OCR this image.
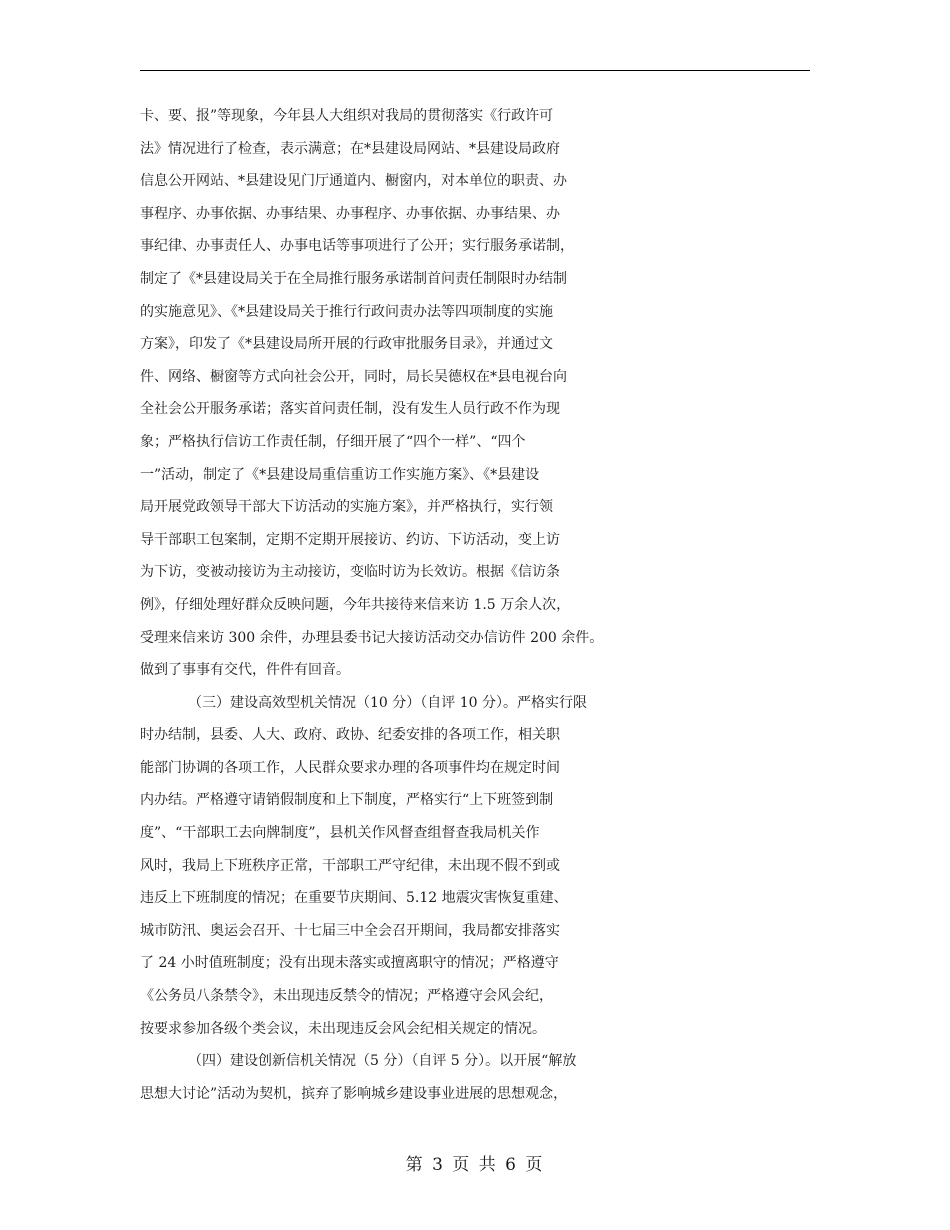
卡、要、报”等现象，今年县人大组织对我局的贯彻落实《行政许可
法》情况进行了检查，表示满意；在*县建设局网站、*县建设局政府
信息公开网站、*县建设见门厅通道内、橱窗内，对本单位的职责、办
事程序、办事依据、办事结果、办事程序、办事依据、办事结果、办
事纪律、办事责任人、办事电话等事项进行了公开；实行服务承诺制，
制定了《*县建设局关于在全局推行服务承诺制首问责任制限时办结制
的实施意见》、《*县建设局关于推行行政问责办法等四项制度的实施
方案》，印发了《*县建设局所开展的行政审批服务目录》，并通过文
件、网络、橱窗等方式向社会公开，同时，局长吴德权在*县电视台向
全社会公开服务承诺；落实首问责任制，没有发生人员行政不作为现
象；严格执行信访工作责任制，仔细开展了“四个一样”、“四个
一”活动，制定了《*县建设局重信重访工作实施方案》、《*县建设
局开展党政领导干部大下访活动的实施方案》，并严格执行，实行领
导干部职工包案制，定期不定期开展接访、约访、下访活动，变上访
为下访，变被动接访为主动接访，变临时访为长效访。根据《信访条
例》，仔细处理好群众反映问题，今年共接待来信来访 1.5 万余人次，
受理来信来访 300 余件，办理县委书记大接访活动交办信访件 200 余件。
做到了事事有交代，件件有回音。
（三）建设高效型机关情况（10 分）（自评 10 分）。严格实行限
时办结制，县委、人大、政府、政协、纪委安排的各项工作，相关职
能部门协调的各项工作，人民群众要求办理的各项事件均在规定时间
内办结。严格遵守请销假制度和上下制度，严格实行“上下班签到制
度”、“干部职工去向牌制度”，县机关作风督查组督查我局机关作
风时，我局上下班秩序正常，干部职工严守纪律，未出现不假不到或
违反上下班制度的情况；在重要节庆期间、5.12 地震灾害恢复重建、
城市防汛、奥运会召开、十七届三中全会召开期间，我局都安排落实
了 24 小时值班制度；没有出现未落实或擅离职守的情况；严格遵守
《公务员八条禁令》，未出现违反禁令的情况；严格遵守会风会纪，
按要求参加各级个类会议，未出现违反会风会纪相关规定的情况。
（四）建设创新信机关情况（5 分）（自评 5 分）。以开展“解放
思想大讨论”活动为契机，摈弃了影响城乡建设事业进展的思想观念，
第 3 页 共 6 页
